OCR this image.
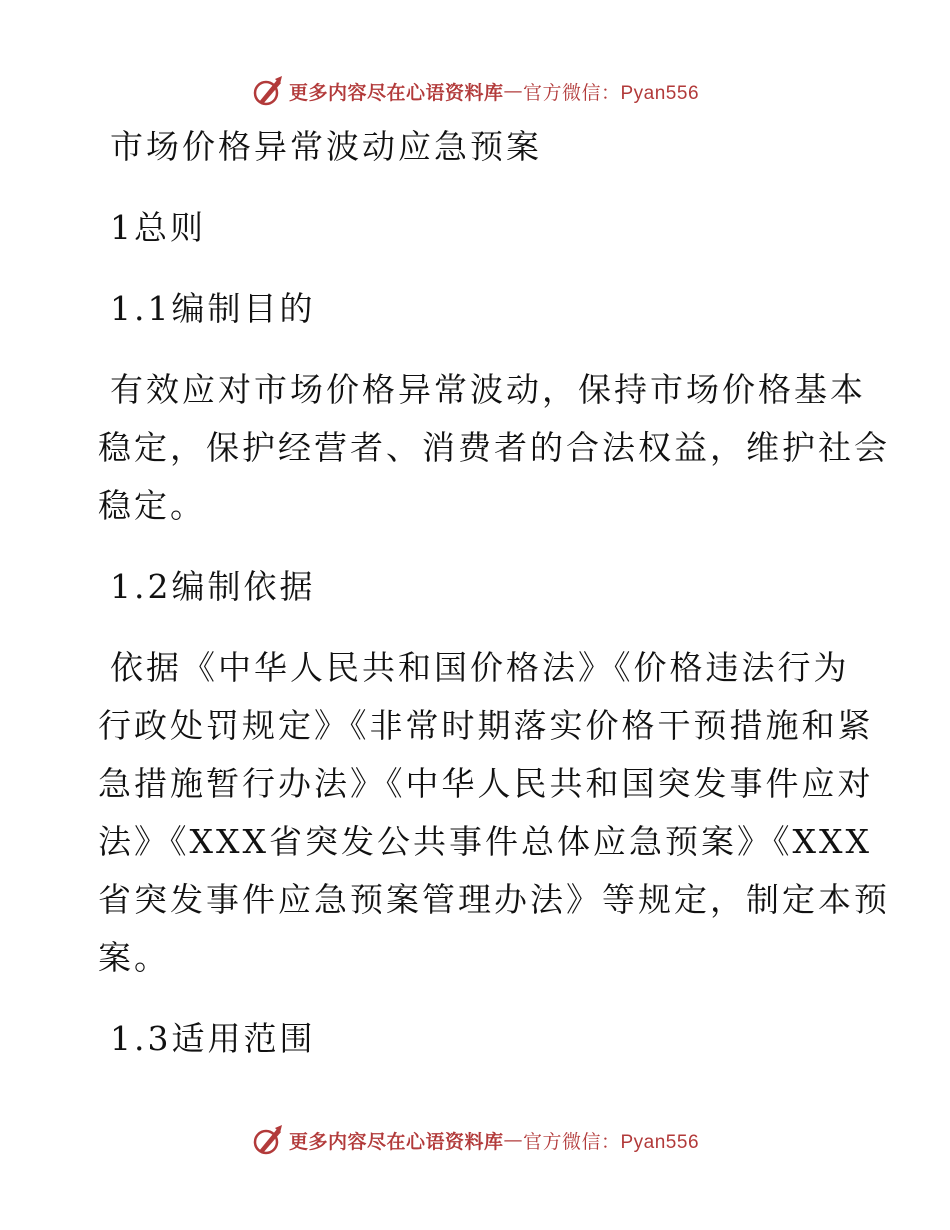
更多内容尽在心语资料库 — 官方微信：Pyan556
市场价格异常波动应急预案
1总则
1.1编制目的
有效应对市场价格异常波动，保持市场价格基本
稳定，保护经营者、消费者的合法权益，维护社会
稳定。
1.2编制依据
依据《中华人民共和国价格法》《价格违法行为
行政处罚规定》《非常时期落实价格干预措施和紧
急措施暂行办法》《中华人民共和国突发事件应对
法》《XXX省突发公共事件总体应急预案》《XXX
省突发事件应急预案管理办法》等规定，制定本预
案。
1.3适用范围
更多内容尽在心语资料库 — 官方微信：Pyan556
